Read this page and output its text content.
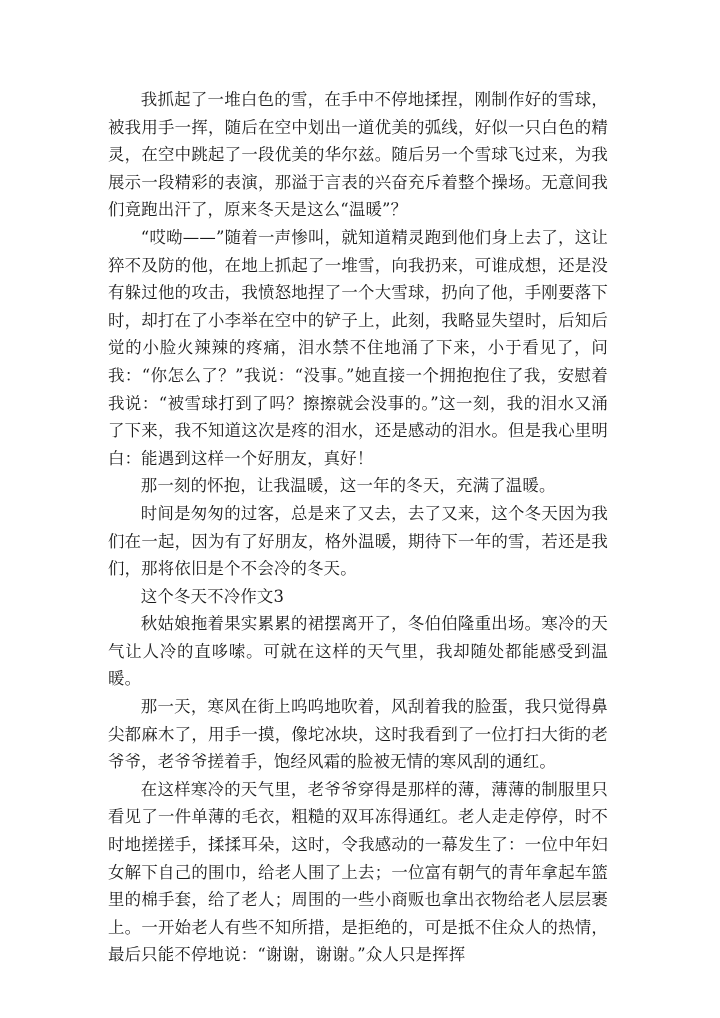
我抓起了一堆白色的雪，在手中不停地揉捏，刚制作好的雪球，被我用手一挥，随后在空中划出一道优美的弧线，好似一只白色的精灵，在空中跳起了一段优美的华尔兹。随后另一个雪球飞过来，为我展示一段精彩的表演，那溢于言表的兴奋充斥着整个操场。无意间我们竟跑出汗了，原来冬天是这么“温暖”？

“哎呦——”随着一声惨叫，就知道精灵跑到他们身上去了，这让猝不及防的他，在地上抓起了一堆雪，向我扔来，可谁成想，还是没有躲过他的攻击，我愤怒地捏了一个大雪球，扔向了他，手刚要落下时，却打在了小李举在空中的铲子上，此刻，我略显失望时，后知后觉的小脸火辣辣的疼痛，泪水禁不住地涌了下来，小于看见了，问我：“你怎么了？”我说：“没事。”她直接一个拥抱抱住了我，安慰着我说：“被雪球打到了吗？擦擦就会没事的。”这一刻，我的泪水又涌了下来，我不知道这次是疼的泪水，还是感动的泪水。但是我心里明白：能遇到这样一个好朋友，真好！

那一刻的怀抱，让我温暖，这一年的冬天，充满了温暖。

时间是匆匆的过客，总是来了又去，去了又来，这个冬天因为我们在一起，因为有了好朋友，格外温暖，期待下一年的雪，若还是我们，那将依旧是个不会冷的冬天。

这个冬天不冷作文3

秋姑娘拖着果实累累的裙摆离开了，冬伯伯隆重出场。寒冷的天气让人冷的直哆嗦。可就在这样的天气里，我却随处都能感受到温暖。

那一天，寒风在街上呜呜地吹着，风刮着我的脸蛋，我只觉得鼻尖都麻木了，用手一摸，像坨冰块，这时我看到了一位打扫大街的老爷爷，老爷爷搓着手，饱经风霜的脸被无情的寒风刮的通红。

在这样寒冷的天气里，老爷爷穿得是那样的薄，薄薄的制服里只看见了一件单薄的毛衣，粗糙的双耳冻得通红。老人走走停停，时不时地搓搓手，揉揉耳朵，这时，令我感动的一幕发生了：一位中年妇女解下自己的围巾，给老人围了上去；一位富有朝气的青年拿起车篮里的棉手套，给了老人；周围的一些小商贩也拿出衣物给老人层层裹上。一开始老人有些不知所措，是拒绝的，可是抵不住众人的热情，最后只能不停地说：“谢谢，谢谢。”众人只是挥挥
